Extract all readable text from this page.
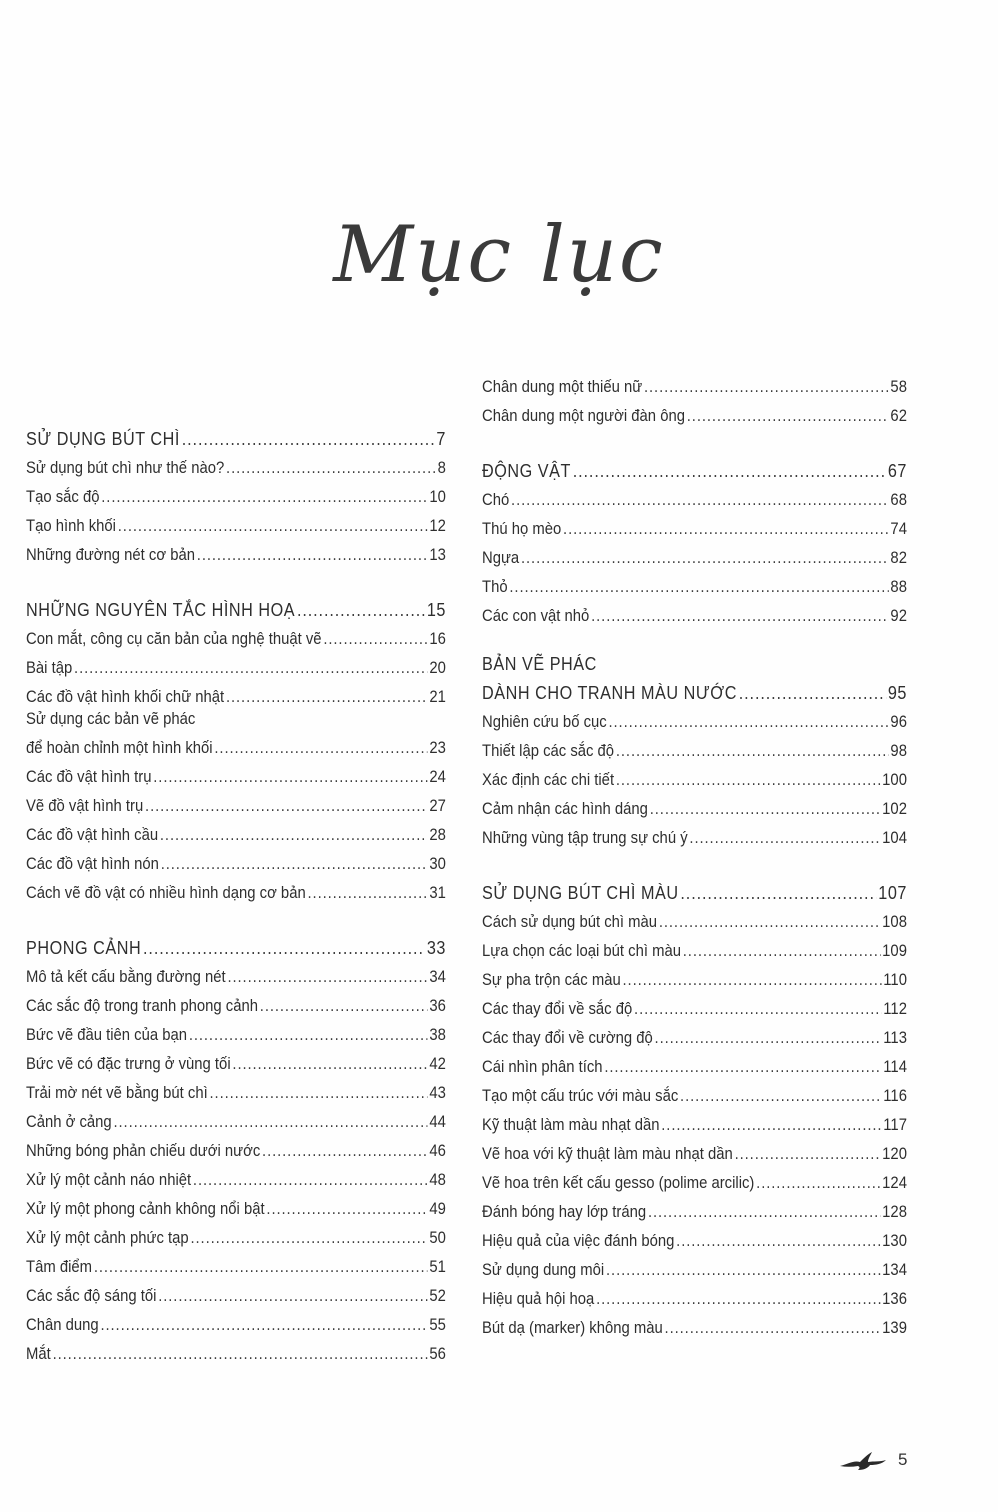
Mục lục
SỬ DỤNG BÚT CHÌ .....	7
Sử dụng bút chì như thế nào? .....	8
Tạo sắc độ .....	10
Tạo hình khối .....	12
Những đường nét cơ bản .....	13
NHỮNG NGUYÊN TẮC HÌNH HOẠ .....	15
Con mắt, công cụ căn bản của nghệ thuật vẽ .....	16
Bài tập .....	20
Các đồ vật hình khối chữ nhật .....	21
Sử dụng các bản vẽ phác
để hoàn chỉnh một hình khối .....	23
Các đồ vật hình trụ .....	24
Vẽ đồ vật hình trụ .....	27
Các đồ vật hình cầu .....	28
Các đồ vật hình nón .....	30
Cách vẽ đồ vật có nhiều hình dạng cơ bản .....	31
PHONG CẢNH .....	33
Mô tả kết cấu bằng đường nét .....	34
Các sắc độ trong tranh phong cảnh .....	36
Bức vẽ đầu tiên của bạn .....	38
Bức vẽ có đặc trưng ở vùng tối .....	42
Trải mờ nét vẽ bằng bút chì .....	43
Cảnh ở cảng .....	44
Những bóng phản chiếu dưới nước .....	46
Xử lý một cảnh náo nhiệt .....	48
Xử lý một phong cảnh không nổi bật .....	49
Xử lý một cảnh phức tạp .....	50
Tâm điểm .....	51
Các sắc độ sáng tối .....	52
Chân dung .....	55
Mắt .....	56
Chân dung một thiếu nữ .....	58
Chân dung một người đàn ông .....	62
ĐỘNG VẬT .....	67
Chó .....	68
Thú họ mèo .....	74
Ngựa .....	82
Thỏ .....	88
Các con vật nhỏ .....	92
BẢN VẼ PHÁC
DÀNH CHO TRANH MÀU NƯỚC .....	95
Nghiên cứu bố cục .....	96
Thiết lập các sắc độ .....	98
Xác định các chi tiết .....	100
Cảm nhận các hình dáng .....	102
Những vùng tập trung sự chú ý .....	104
SỬ DỤNG BÚT CHÌ MÀU .....	107
Cách sử dụng bút chì màu .....	108
Lựa chọn các loại bút chì màu .....	109
Sự pha trộn các màu .....	110
Các thay đổi về sắc độ .....	112
Các thay đổi về cường độ .....	113
Cái nhìn phân tích .....	114
Tạo một cấu trúc với màu sắc .....	116
Kỹ thuật làm màu nhạt dần .....	117
Vẽ hoa với kỹ thuật làm màu nhạt dần .....	120
Vẽ hoa trên kết cấu gesso (polime arcilic) .....	124
Đánh bóng hay lớp tráng .....	128
Hiệu quả của việc đánh bóng .....	130
Sử dụng dung môi .....	134
Hiệu quả hội hoạ .....	136
Bút dạ (marker) không màu .....	139
5
